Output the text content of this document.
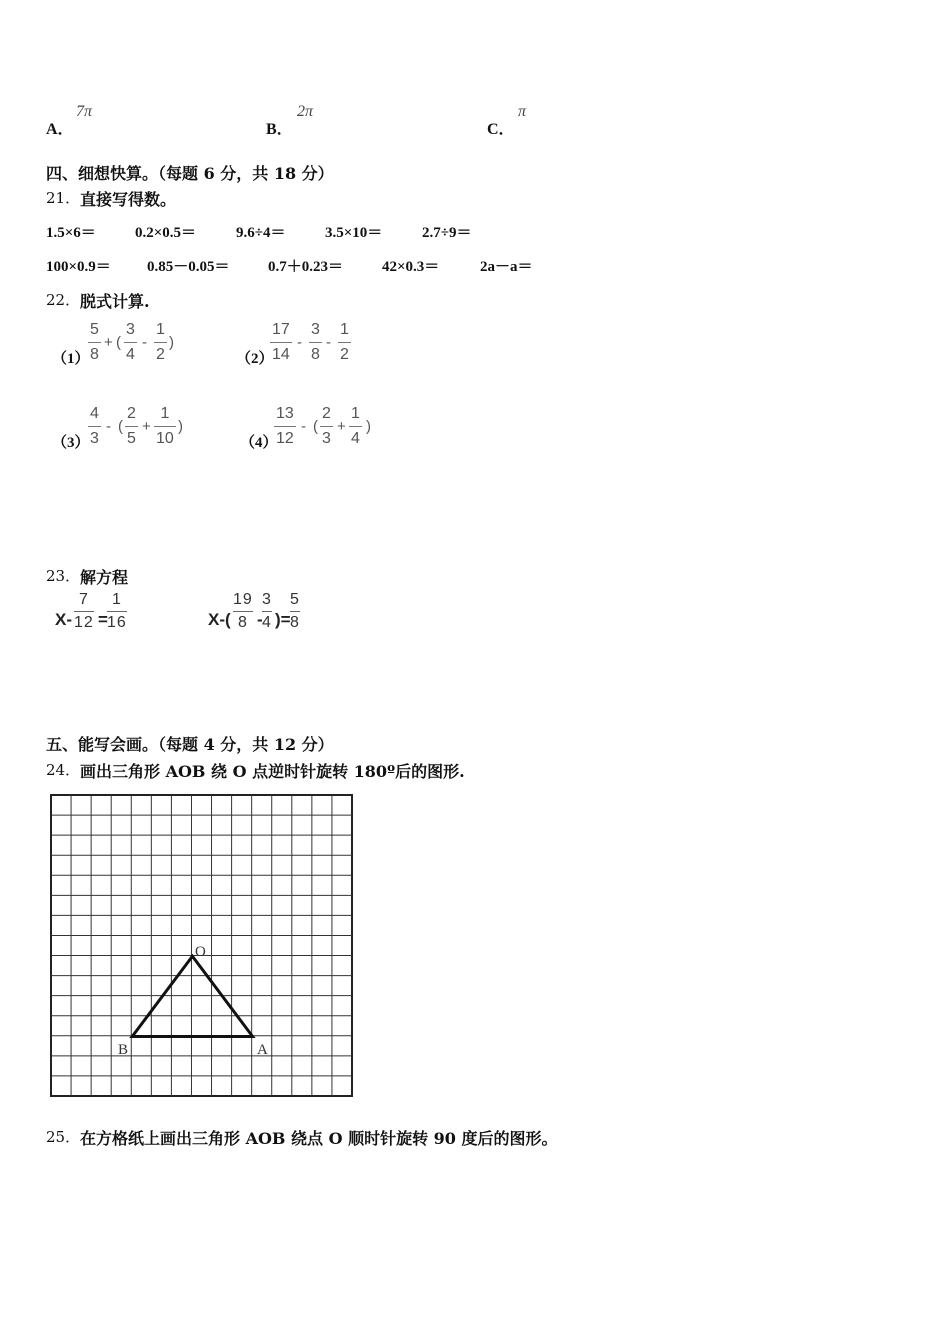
A．
7π
B．
2π
C．
π
四、细想快算。（每题 6 分，共 18 分）
21． 直接写得数。
1.5×6＝	0.2×0.5＝	9.6÷4＝	3.5×10＝	2.7÷9＝
100×0.9＝ 0.85－0.05＝	0.7＋0.23＝	42×0.3＝	2a－a＝
22． 脱式计算.
（1）
5
8
+ (
3
4
-
1
2
)
（2）
17
14
-
3
8
-
1
2
（3）
4
3
- (
2
5
+
1
10
)
（4）
13
12
- (
2
3
+
1
4
)
23． 解方程
X-
7
12 =
1
16	X-(
19
8 -
3
4 )=
5
8
五、能写会画。（每题 4 分，共 12 分）
24． 画出三角形 AOB 绕 O 点逆时针旋转 180º后的图形.
O
A
B
25． 在方格纸上画出三角形 AOB 绕点 O 顺时针旋转 90 度后的图形。
